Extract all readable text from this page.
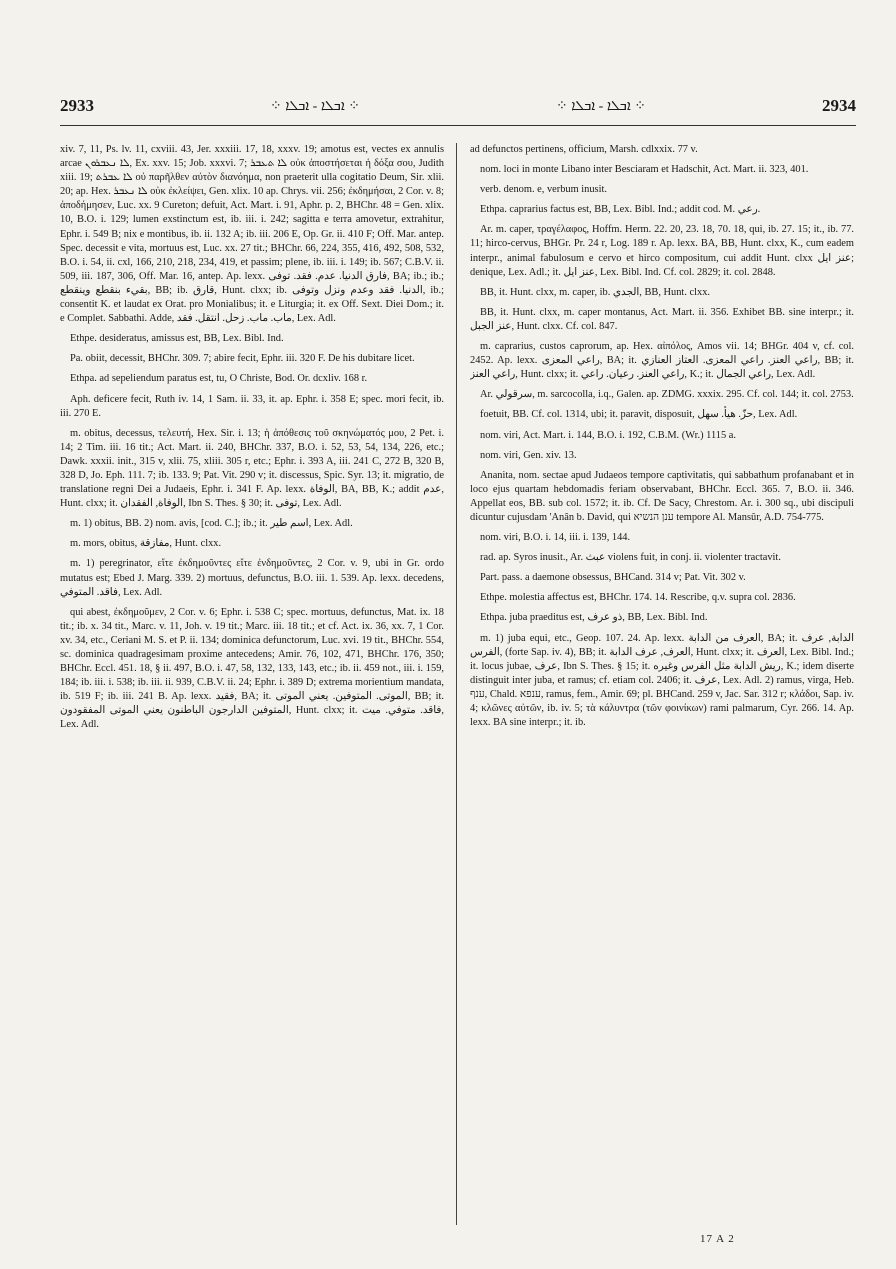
2933	⁘ ܐܒܠܐ - ܐܒܠܐ ⁘	⁘ ܐܒܠܐ - ܐܒܠܐ ⁘	2934

xiv. 7, 11, Ps. lv. 11, cxviii. 43, Jer. xxxiii. 17, 18, xxxv. 19; amotus est, vectes ex annulis arcae ܠܐ ܢܥܒܪܘܢ, Ex. xxv. 15; Job. xxxvi. 7; ܠܐ ܬܥܒܪ οὐκ ἀποστήσεται ἡ δόξα σου, Judith xiii. 19; ܠܐ ܥܒܪܬ οὐ παρῆλθεν αὐτὸν διανόημα, non praeterit ulla cogitatio Deum, Sir. xlii. 20; ap. Hex. ܠܐ ܢܥܒܪ οὐκ ἐκλείψει, Gen. xlix. 10 ap. Chrys. vii. 256; ἐκδημήσαι, 2 Cor. v. 8; ἀποδήμησεν, Luc. xx. 9 Cureton; defuit, Act. Mart. i. 91, Aphr. p. 2, BHChr. 48 = Gen. xlix. 10, B.O. i. 129; lumen exstinctum est, ib. iii. i. 242; sagitta e terra amovetur, extrahitur, Ephr. i. 549 B; nix e montibus, ib. ii. 132 A; ib. iii. 206 E, Op. Gr. ii. 410 F; Off. Mar. antep. Spec. decessit e vita, mortuus est, Luc. xx. 27 tit.; BHChr. 66, 224, 355, 416, 492, 508, 532, B.O. i. 54, ii. cxl, 166, 210, 218, 234, 419, et passim; plene, ib. iii. i. 149; ib. 567; C.B.V. ii. 509, iii. 187, 306, Off. Mar. 16, antep. Ap. lexx. فارق الدنيا. عدم. فقد. توفى, BA; ib.; ib.; بقيء بنقطع وينقطع, BB; ib. قارق, Hunt. clxx; ib. الدنيا. فقد وعدم ونزل وتوفى, ib.; consentit K. et laudat ex Orat. pro Monialibus; it. e Liturgia; it. ex Off. Sext. Diei Dom.; it. e Complet. Sabbathi. Adde, ماب. ماب. زحل. انتقل. فقد, Lex. Adl.

Ethpe. desideratus, amissus est, BB, Lex. Bibl. Ind.

Pa. obiit, decessit, BHChr. 309. 7; abire fecit, Ephr. iii. 320 F. De his dubitare licet.

Ethpa. ad sepeliendum paratus est, tu, O Christe, Bod. Or. dcxliv. 168 r.

Aph. deficere fecit, Ruth iv. 14, 1 Sam. ii. 33, it. ap. Ephr. i. 358 E; spec. mori fecit, ib. iii. 270 E.

m. obitus, decessus, τελευτή, Hex. Sir. i. 13; ἡ ἀπόθεσις τοῦ σκηνώματός μου, 2 Pet. i. 14; 2 Tim. iii. 16 tit.; Act. Mart. ii. 240, BHChr. 337, B.O. i. 52, 53, 54, 134, 226, etc.; Dawk. xxxii. init., 315 v, xlii. 75, xliii. 305 r, etc.; Ephr. i. 393 A, iii. 241 C, 272 B, 320 B, 328 D, Jo. Eph. 111. 7; ib. 133. 9; Pat. Vit. 290 v; it. discessus, Spic. Syr. 13; it. migratio, de translatione regni Dei a Judaeis, Ephr. i. 341 F. Ap. lexx. الوفاة, BA, BB, K.; addit عدم, Hunt. clxx; it. الوفاة, الفقدان, Ibn S. Thes. § 30; it. توفى, Lex. Adl.

m. 1) obitus, BB. 2) nom. avis, [cod. C.]; ib.; it. اسم طير, Lex. Adl.

m. mors, obitus, مفازقة, Hunt. clxx.

m. 1) peregrinator, εἴτε ἐκδημοῦντες εἴτε ἐνδημοῦντες, 2 Cor. v. 9, ubi in Gr. ordo mutatus est; Ebed J. Marg. 339. 2) mortuus, defunctus, B.O. iii. 1. 539. Ap. lexx. decedens, فاقد. المتوفي, Lex. Adl.

qui abest, ἐκδημοῦμεν, 2 Cor. v. 6; Ephr. i. 538 C; spec. mortuus, defunctus, Mat. ix. 18 tit.; ib. x. 34 tit., Marc. v. 11, Joh. v. 19 tit.; Marc. iii. 18 tit.; et cf. Act. ix. 36, xx. 7, 1 Cor. xv. 34, etc., Ceriani M. S. et P. ii. 134; dominica defunctorum, Luc. xvi. 19 tit., BHChr. 554, sc. dominica quadragesimam proxime antecedens; Amir. 76, 102, 471, BHChr. 176, 350; BHChr. Eccl. 451. 18, § ii. 497, B.O. i. 47, 58, 132, 133, 143, etc.; ib. ii. 459 not., iii. i. 159, 184; ib. iii. i. 538; ib. iii. ii. 939, C.B.V. ii. 24; Ephr. i. 389 D; extrema morientium mandata, ib. 519 F; ib. iii. 241 B. Ap. lexx. فقيد, BA; it. الموتى. المتوفين. يعني الموتى, BB; it. المتوفين الدارجون الباطنون يعني الموتى المفقودون, Hunt. clxx; it. فاقد. متوفي. ميت, Lex. Adl.

ad defunctos pertinens, officium, Marsh. cdlxxix. 77 v.

nom. loci in monte Libano inter Besciaram et Hadschit, Act. Mart. ii. 323, 401.

verb. denom. e, verbum inusit.

Ethpa. caprarius factus est, BB, Lex. Bibl. Ind.; addit cod. M. رعي.

Ar. m. caper, τραγέλαφος, Hoffm. Herm. 22. 20, 23. 18, 70. 18, qui, ib. 27. 15; it., ib. 77. 11; hirco-cervus, BHGr. Pr. 24 r, Log. 189 r. Ap. lexx. BA, BB, Hunt. clxx, K., cum eadem interpr., animal fabulosum e cervo et hirco compositum, cui addit Hunt. clxx عنز ايل; denique, Lex. Adl.; it. عنز ايل, Lex. Bibl. Ind. Cf. col. 2829; it. col. 2848.

BB, it. Hunt. clxx, m. caper, ib. الجدي, BB, Hunt. clxx.

BB, it. Hunt. clxx, m. caper montanus, Act. Mart. ii. 356. Exhibet BB. sine interpr.; it. عنز الجبل, Hunt. clxx. Cf. col. 847.

m. caprarius, custos caprorum, ap. Hex. αἰπόλος, Amos vii. 14; BHGr. 404 v, cf. col. 2452. Ap. lexx. راعي المعزى, BA; it. راعي العنز. راعي المعزى. العتاز العنازي, BB; it. راعي العنز, Hunt. clxx; it. راعي العنز. رعيان. راعي, K.; it. راعي الجمال, Lex. Adl.

Ar. سرقولي, m. sarcocolla, i.q., Galen. ap. ZDMG. xxxix. 295. Cf. col. 144; it. col. 2753.

foetuit, BB. Cf. col. 1314, ubi; it. paravit, disposuit, حزّ. هيأ. سهل, Lex. Adl.

nom. viri, Act. Mart. i. 144, B.O. i. 192, C.B.M. (Wr.) 1115 a.

nom. viri, Gen. xiv. 13.

Ananita, nom. sectae apud Judaeos tempore captivitatis, qui sabbathum profanabant et in loco ejus quartam hebdomadis feriam observabant, BHChr. Eccl. 365. 7, B.O. ii. 346. Appellat eos, BB. sub col. 1572; it. ib. Cf. De Sacy, Chrestom. Ar. i. 300 sq., ubi discipuli dicuntur cujusdam 'Anân b. David, qui ענן הנשיא tempore Al. Mansûr, A.D. 754-775.

nom. viri, B.O. i. 14, iii. i. 139, 144.

rad. ap. Syros inusit., Ar. عبث violens fuit, in conj. ii. violenter tractavit.

Part. pass. a daemone obsessus, BHCand. 314 v; Pat. Vit. 302 v.

Ethpe. molestia affectus est, BHChr. 174. 14. Rescribe, q.v. supra col. 2836.

Ethpa. juba praeditus est, ذو عرف, BB, Lex. Bibl. Ind.

m. 1) juba equi, etc., Geop. 107. 24. Ap. lexx. العرف من الدابة, BA; it. الدابة, عرف الفرس, (forte Sap. iv. 4), BB; it. العرف, عرف الدابة, Hunt. clxx; it. العرف, Lex. Bibl. Ind.; it. locus jubae, عرف, Ibn S. Thes. § 15; it. ريش الدابة مثل الفرس وغيره, K.; idem diserte distinguit inter juba, et ramus; cf. etiam col. 2406; it. عرف, Lex. Adl. 2) ramus, virga, Heb. ענף, Chald. ענפא, ramus, fem., Amir. 69; pl. BHCand. 259 v, Jac. Sar. 312 r; κλάδοι, Sap. iv. 4; κλῶνες αὐτῶν, ib. iv. 5; τὰ κάλυντρα (τῶν φοινίκων) rami palmarum, Cyr. 266. 14. Ap. lexx. BA sine interpr.; it. ib.

17 A 2
